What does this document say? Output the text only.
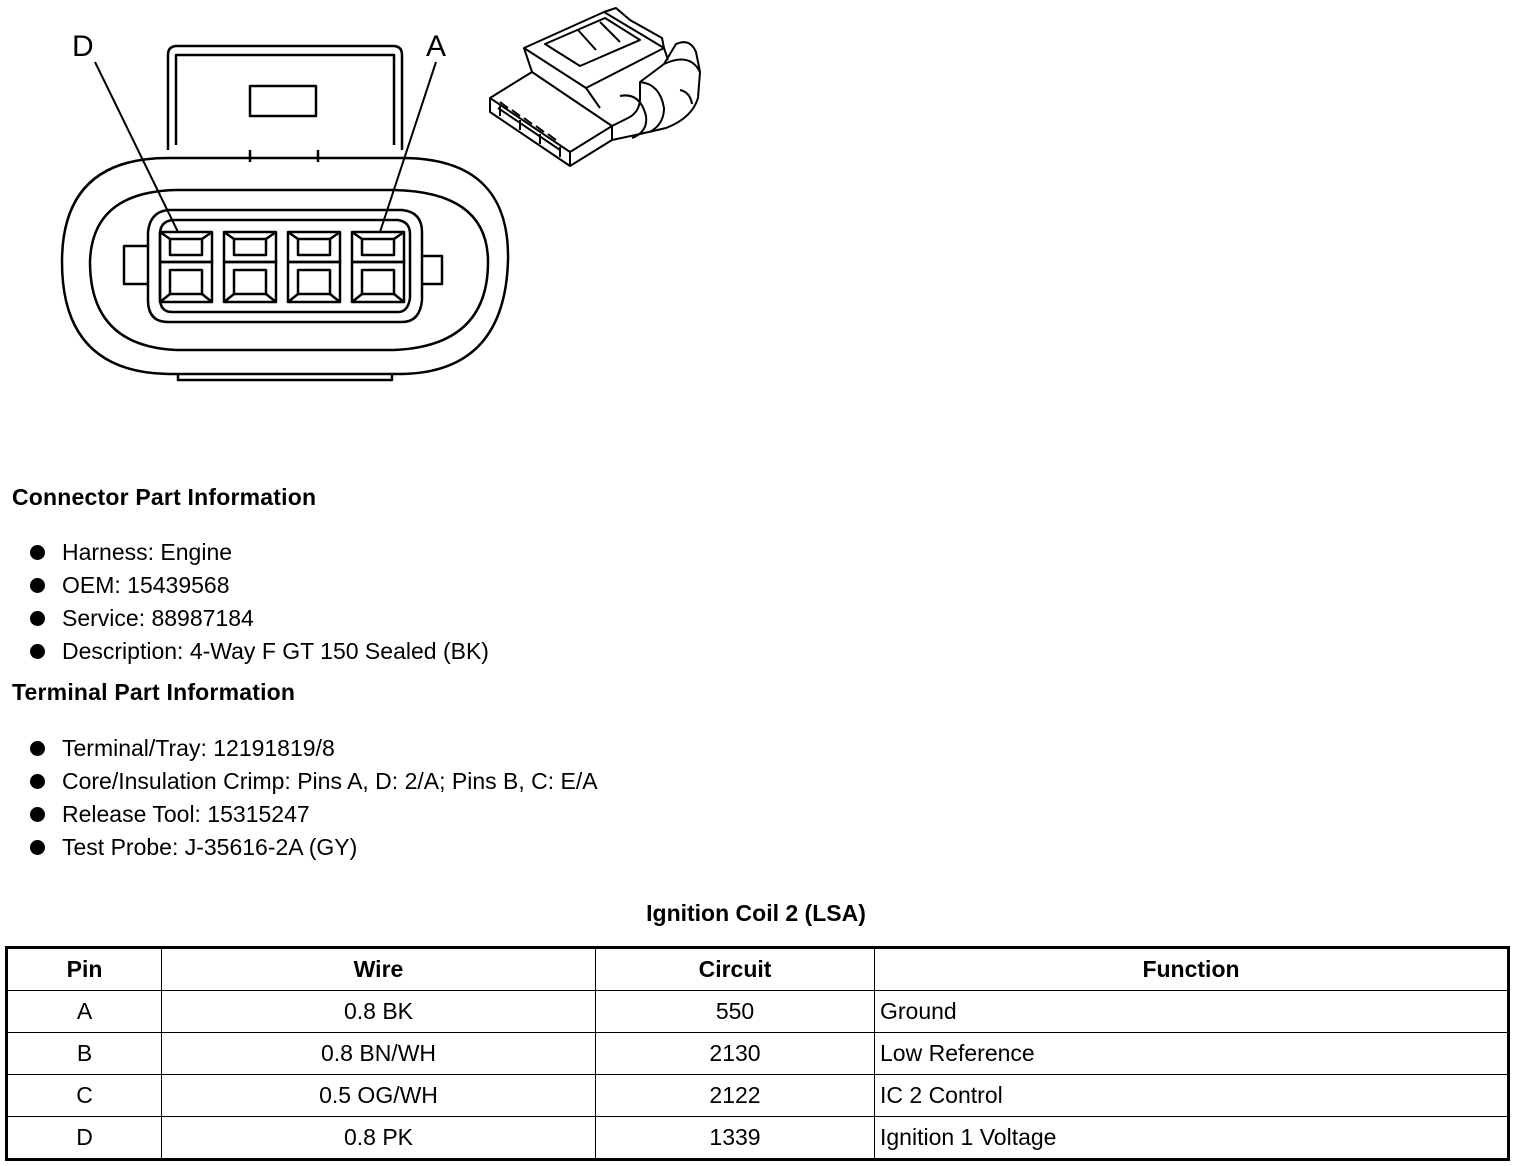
D	A
Connector Part Information
Harness: Engine
OEM: 15439568
Service: 88987184
Description: 4-Way F GT 150 Sealed (BK)
Terminal Part Information
Terminal/Tray: 12191819/8
Core/Insulation Crimp: Pins A, D: 2/A; Pins B, C: E/A
Release Tool: 15315247
Test Probe: J-35616-2A (GY)
Ignition Coil 2 (LSA)
Pin	Wire	Circuit	Function
A	0.8 BK	550	Ground
B	0.8 BN/WH	2130	Low Reference
C	0.5 OG/WH	2122	IC 2 Control
D	0.8 PK	1339	Ignition 1 Voltage
